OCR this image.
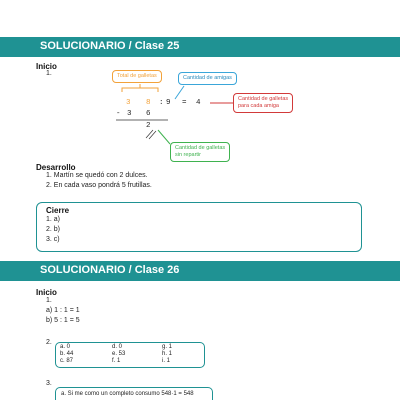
SOLUCIONARIO / Clase 25
Inicio
1.	Total de galletas	Cantidad de amigas
Cantidad de galletas
para cada amiga
Cantidad de galletas
sin repartir
3 8 : 9 = 4
- 3 6
2
Desarrollo
1. Martín se quedó con 2 dulces.
2. En cada vaso pondrá 5 frutillas.
Cierre
1. a)
2. b)
3. c)
SOLUCIONARIO / Clase 26
Inicio
1.
a) 1 : 1 = 1
b) 5 : 1 = 5
2.
a. 0	d. 0	g. 1
b. 44	e. 53	h. 1
c. 87	f. 1	i. 1
3.
a. Si me como un completo consumo 548·1 = 548
